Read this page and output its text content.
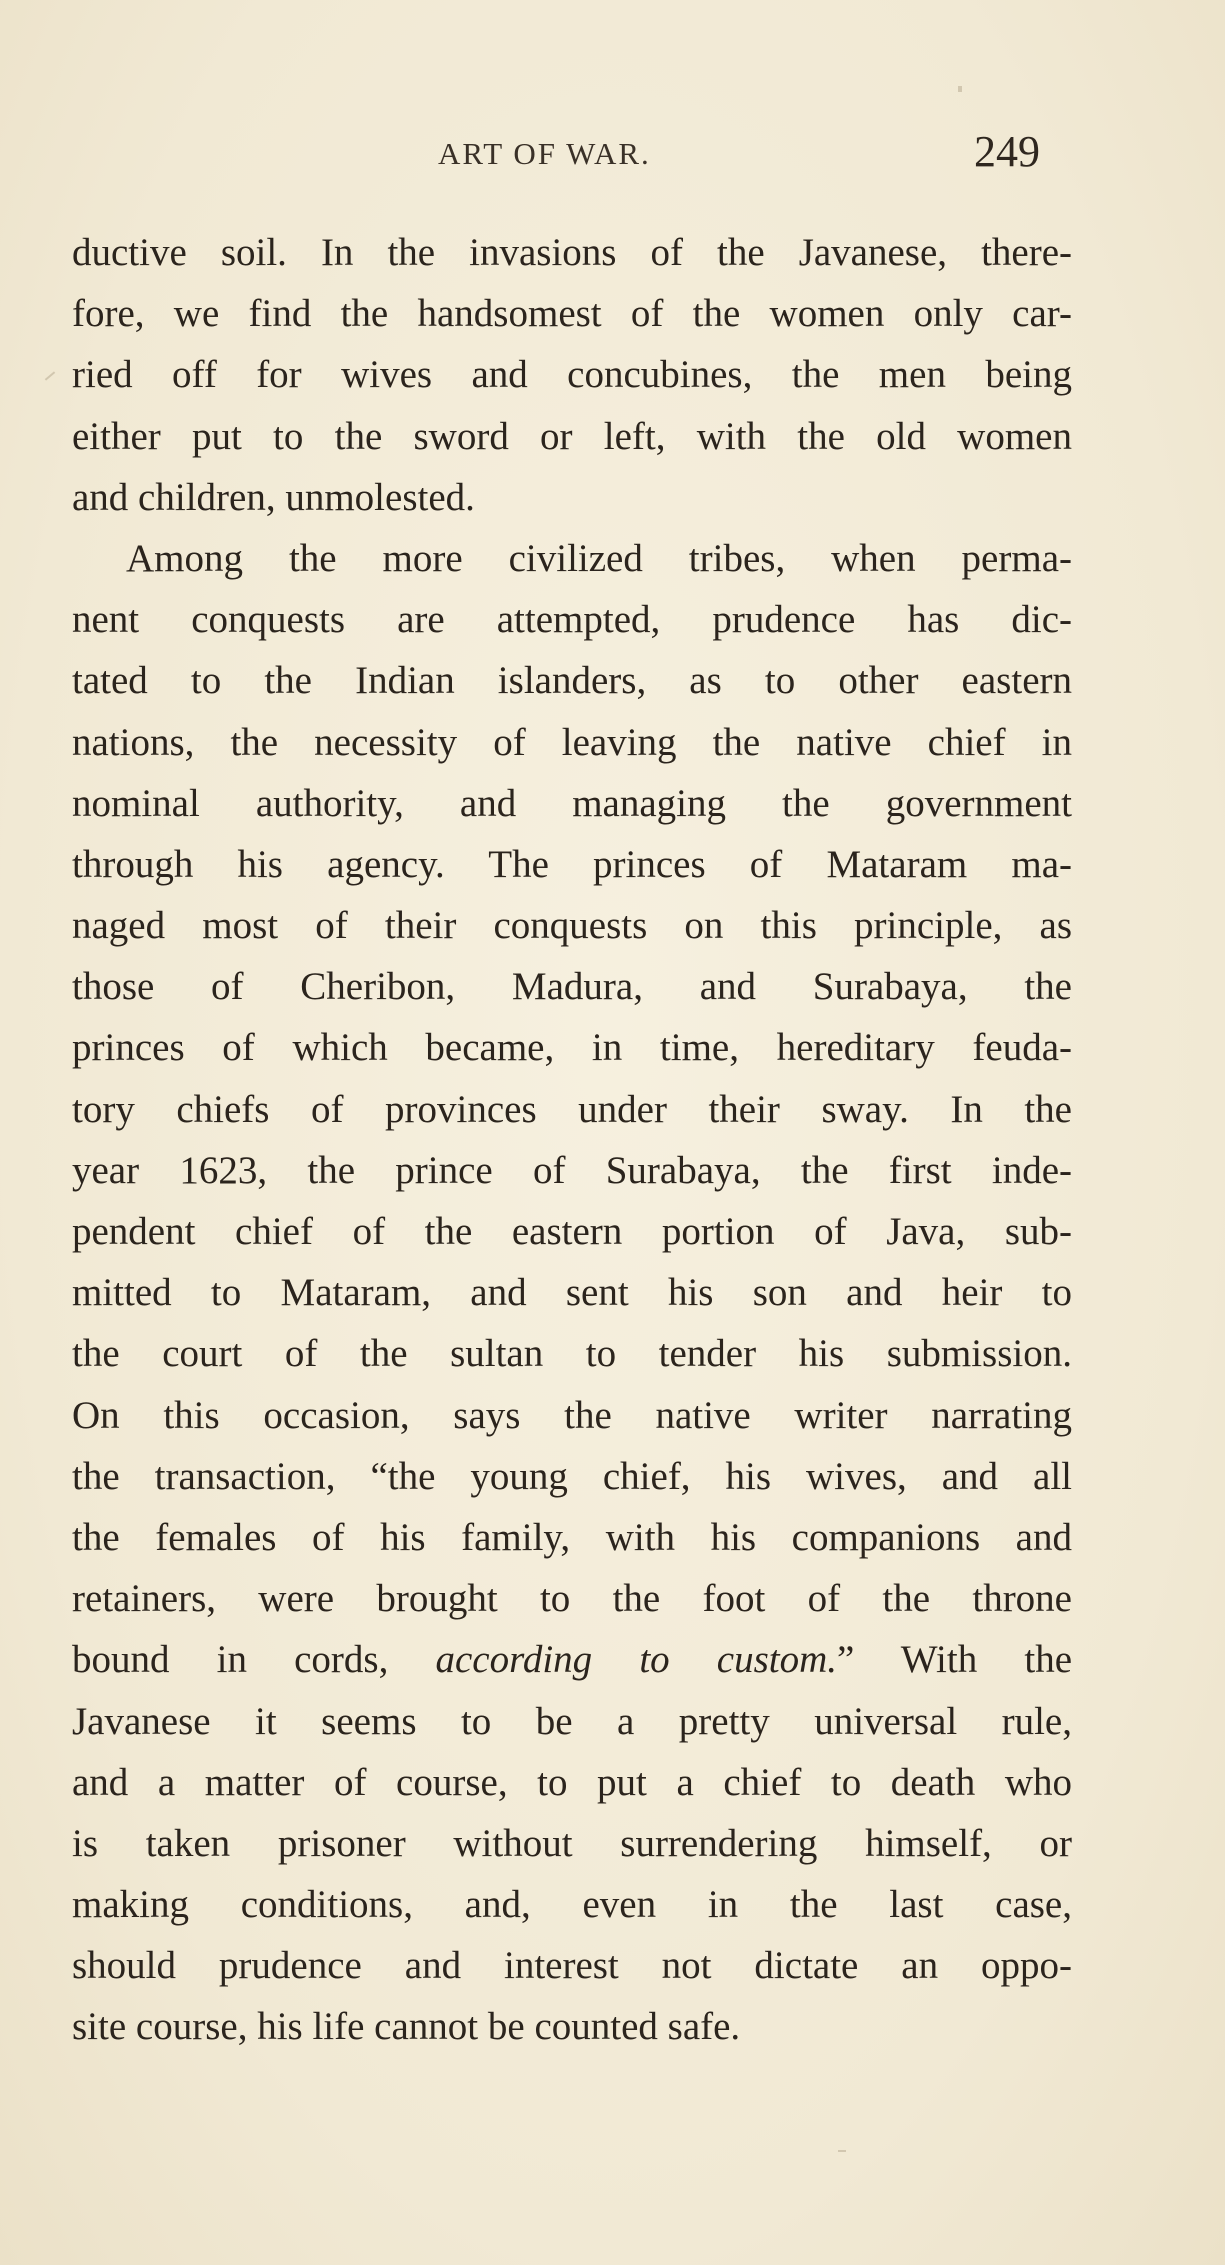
ART OF WAR.	249
ductive soil. In the invasions of the Javanese, there-
fore, we find the handsomest of the women only car-
ried off for wives and concubines, the men being
either put to the sword or left, with the old women
and children, unmolested.
Among the more civilized tribes, when perma-
nent conquests are attempted, prudence has dic-
tated to the Indian islanders, as to other eastern
nations, the necessity of leaving the native chief in
nominal authority, and managing the government
through his agency. The princes of Mataram ma-
naged most of their conquests on this principle, as
those of Cheribon, Madura, and Surabaya, the
princes of which became, in time, hereditary feuda-
tory chiefs of provinces under their sway. In the
year 1623, the prince of Surabaya, the first inde-
pendent chief of the eastern portion of Java, sub-
mitted to Mataram, and sent his son and heir to
the court of the sultan to tender his submission.
On this occasion, says the native writer narrating
the transaction, “the young chief, his wives, and all
the females of his family, with his companions and
retainers, were brought to the foot of the throne
bound in cords, according to custom.” With the
Javanese it seems to be a pretty universal rule,
and a matter of course, to put a chief to death who
is taken prisoner without surrendering himself, or
making conditions, and, even in the last case,
should prudence and interest not dictate an oppo-
site course, his life cannot be counted safe.
